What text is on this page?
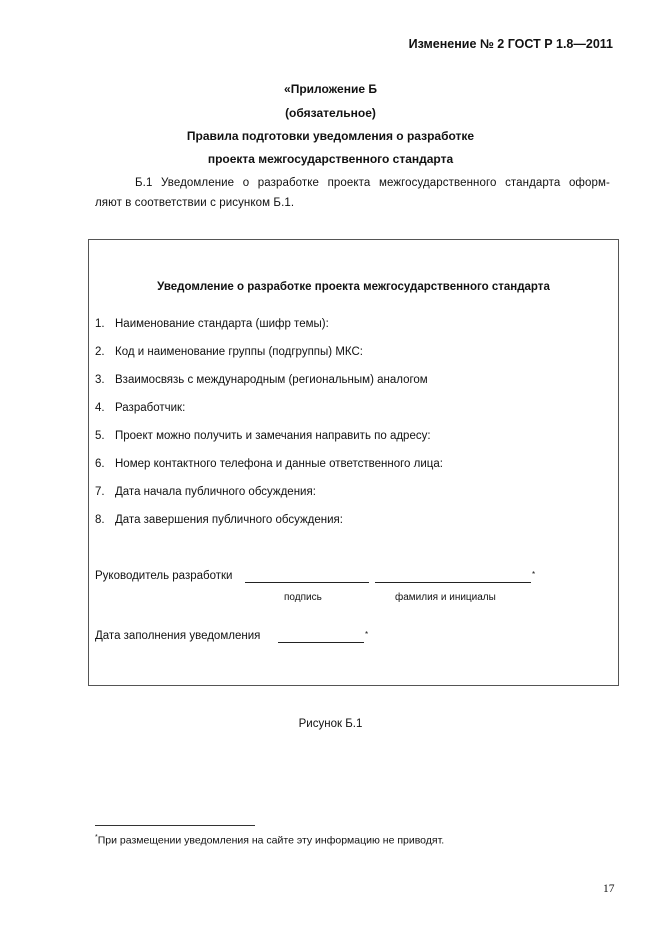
Изменение № 2 ГОСТ Р 1.8—2011
«Приложение Б
(обязательное)
Правила подготовки уведомления о разработке
проекта межгосударственного стандарта
Б.1 Уведомление о разработке проекта межгосударственного стандарта оформ-
ляют в соответствии с рисунком Б.1.
Уведомление о разработке проекта межгосударственного стандарта
1. Наименование стандарта (шифр темы):
2. Код и наименование группы (подгруппы) МКС:
3. Взаимосвязь с международным (региональным) аналогом
4. Разработчик:
5. Проект можно получить и замечания направить по адресу:
6. Номер контактного телефона и данные ответственного лица:
7. Дата начала публичного обсуждения:
8. Дата завершения публичного обсуждения:
Руководитель разработки	*
подпись	фамилия и инициалы
Дата заполнения уведомления	*
Рисунок Б.1
*При размещении уведомления на сайте эту информацию не приводят.
17
